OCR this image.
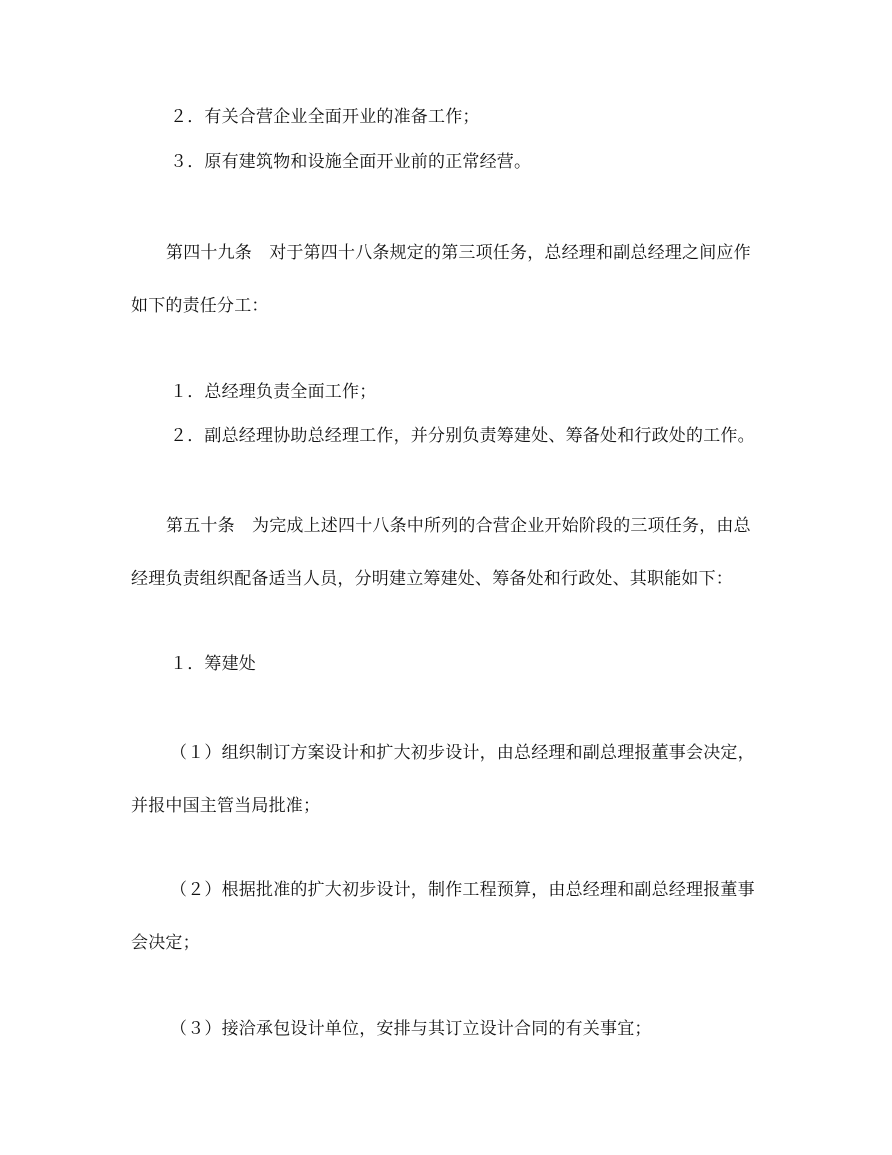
２．有关合营企业全面开业的准备工作；
３．原有建筑物和设施全面开业前的正常经营。
第四十九条　对于第四十八条规定的第三项任务，总经理和副总经理之间应作
如下的责任分工：
１．总经理负责全面工作；
２．副总经理协助总经理工作，并分别负责筹建处、筹备处和行政处的工作。
第五十条　为完成上述四十八条中所列的合营企业开始阶段的三项任务，由总
经理负责组织配备适当人员，分明建立筹建处、筹备处和行政处、其职能如下：
１．筹建处
（１）组织制订方案设计和扩大初步设计，由总经理和副总理报董事会决定，
并报中国主管当局批准；
（２）根据批准的扩大初步设计，制作工程预算，由总经理和副总经理报董事
会决定；
（３）接洽承包设计单位，安排与其订立设计合同的有关事宜；
